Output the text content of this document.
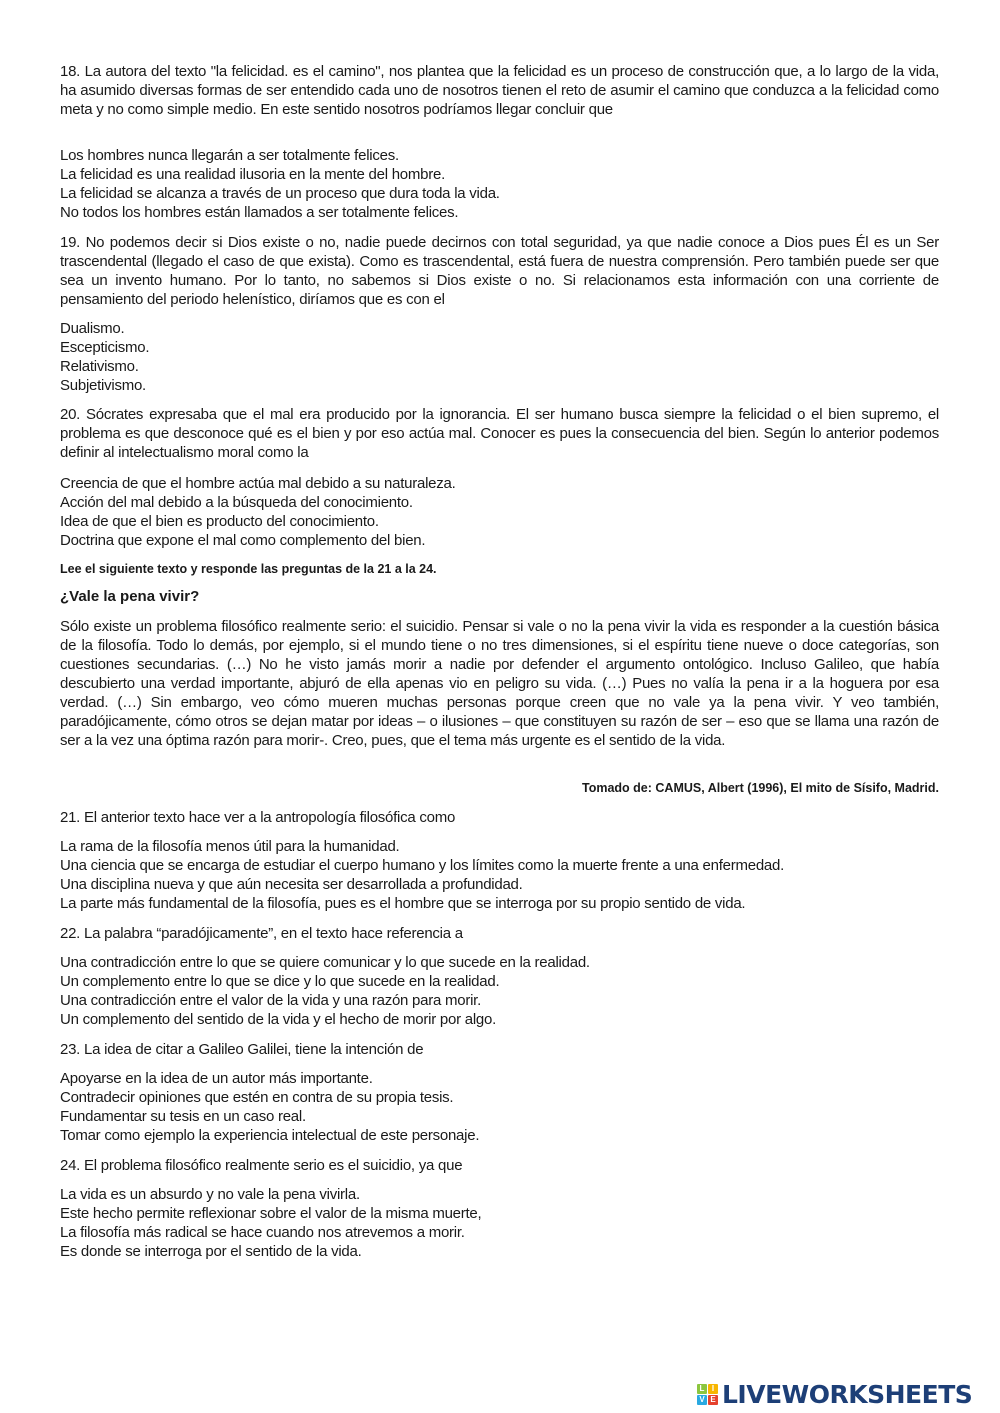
18. La autora del texto "la felicidad. es el camino", nos plantea que la felicidad es un proceso de construcción que, a lo largo de la vida, ha asumido diversas formas de ser entendido cada uno de nosotros tienen el reto de asumir el camino que conduzca a la felicidad como meta y no como simple medio. En este sentido nosotros podríamos llegar concluir que
Los hombres nunca llegarán a ser totalmente felices.
La felicidad es una realidad ilusoria en la mente del hombre.
La felicidad se alcanza a través de un proceso que dura toda la vida.
No todos los hombres están llamados a ser totalmente felices.
19. No podemos decir si Dios existe o no, nadie puede decirnos con total seguridad, ya que nadie conoce a Dios pues Él es un Ser trascendental (llegado el caso de que exista). Como es trascendental, está fuera de nuestra comprensión. Pero también puede ser que sea un invento humano. Por lo tanto, no sabemos si Dios existe o no. Si relacionamos esta información con una corriente de pensamiento del periodo helenístico, diríamos que es con el
Dualismo.
Escepticismo.
Relativismo.
Subjetivismo.
20. Sócrates expresaba que el mal era producido por la ignorancia. El ser humano busca siempre la felicidad o el bien supremo, el problema es que desconoce qué es el bien y por eso actúa mal. Conocer es pues la consecuencia del bien. Según lo anterior podemos definir al intelectualismo moral como la
Creencia de que el hombre actúa mal debido a su naturaleza.
Acción del mal debido a la búsqueda del conocimiento.
Idea de que el bien es producto del conocimiento.
Doctrina que expone el mal como complemento del bien.
Lee el siguiente texto y responde las preguntas de la 21 a la 24.
¿Vale la pena vivir?
Sólo existe un problema filosófico realmente serio: el suicidio. Pensar si vale o no la pena vivir la vida es responder a la cuestión básica de la filosofía. Todo lo demás, por ejemplo, si el mundo tiene o no tres dimensiones, si el espíritu tiene nueve o doce categorías, son cuestiones secundarias. (…) No he visto jamás morir a nadie por defender el argumento ontológico. Incluso Galileo, que había descubierto una verdad importante, abjuró de ella apenas vio en peligro su vida. (…) Pues no valía la pena ir a la hoguera por esa verdad. (…) Sin embargo, veo cómo mueren muchas personas porque creen que no vale ya la pena vivir. Y veo también, paradójicamente, cómo otros se dejan matar por ideas – o ilusiones – que constituyen su razón de ser – eso que se llama una razón de ser a la vez una óptima razón para morir-. Creo, pues, que el tema más urgente es el sentido de la vida.
Tomado de: CAMUS, Albert (1996), El mito de Sísifo, Madrid.
21. El anterior texto hace ver a la antropología filosófica como
La rama de la filosofía menos útil para la humanidad.
Una ciencia que se encarga de estudiar el cuerpo humano y los límites como la muerte frente a una enfermedad.
Una disciplina nueva y que aún necesita ser desarrollada a profundidad.
La parte más fundamental de la filosofía, pues es el hombre que se interroga por su propio sentido de vida.
22. La palabra “paradójicamente”, en el texto hace referencia a
Una contradicción entre lo que se quiere comunicar y lo que sucede en la realidad.
Un complemento entre lo que se dice y lo que sucede en la realidad.
Una contradicción entre el valor de la vida y una razón para morir.
Un complemento del sentido de la vida y el hecho de morir por algo.
23. La idea de citar a Galileo Galilei, tiene la intención de
Apoyarse en la idea de un autor más importante.
Contradecir opiniones que estén en contra de su propia tesis.
Fundamentar su tesis en un caso real.
Tomar como ejemplo la experiencia intelectual de este personaje.
24. El problema filosófico realmente serio es el suicidio, ya que
La vida es un absurdo y no vale la pena vivirla.
Este hecho permite reflexionar sobre el valor de la misma muerte,
La filosofía más radical se hace cuando nos atrevemos a morir.
Es donde se interroga por el sentido de la vida.
L I
V E LIVEWORKSHEETS
